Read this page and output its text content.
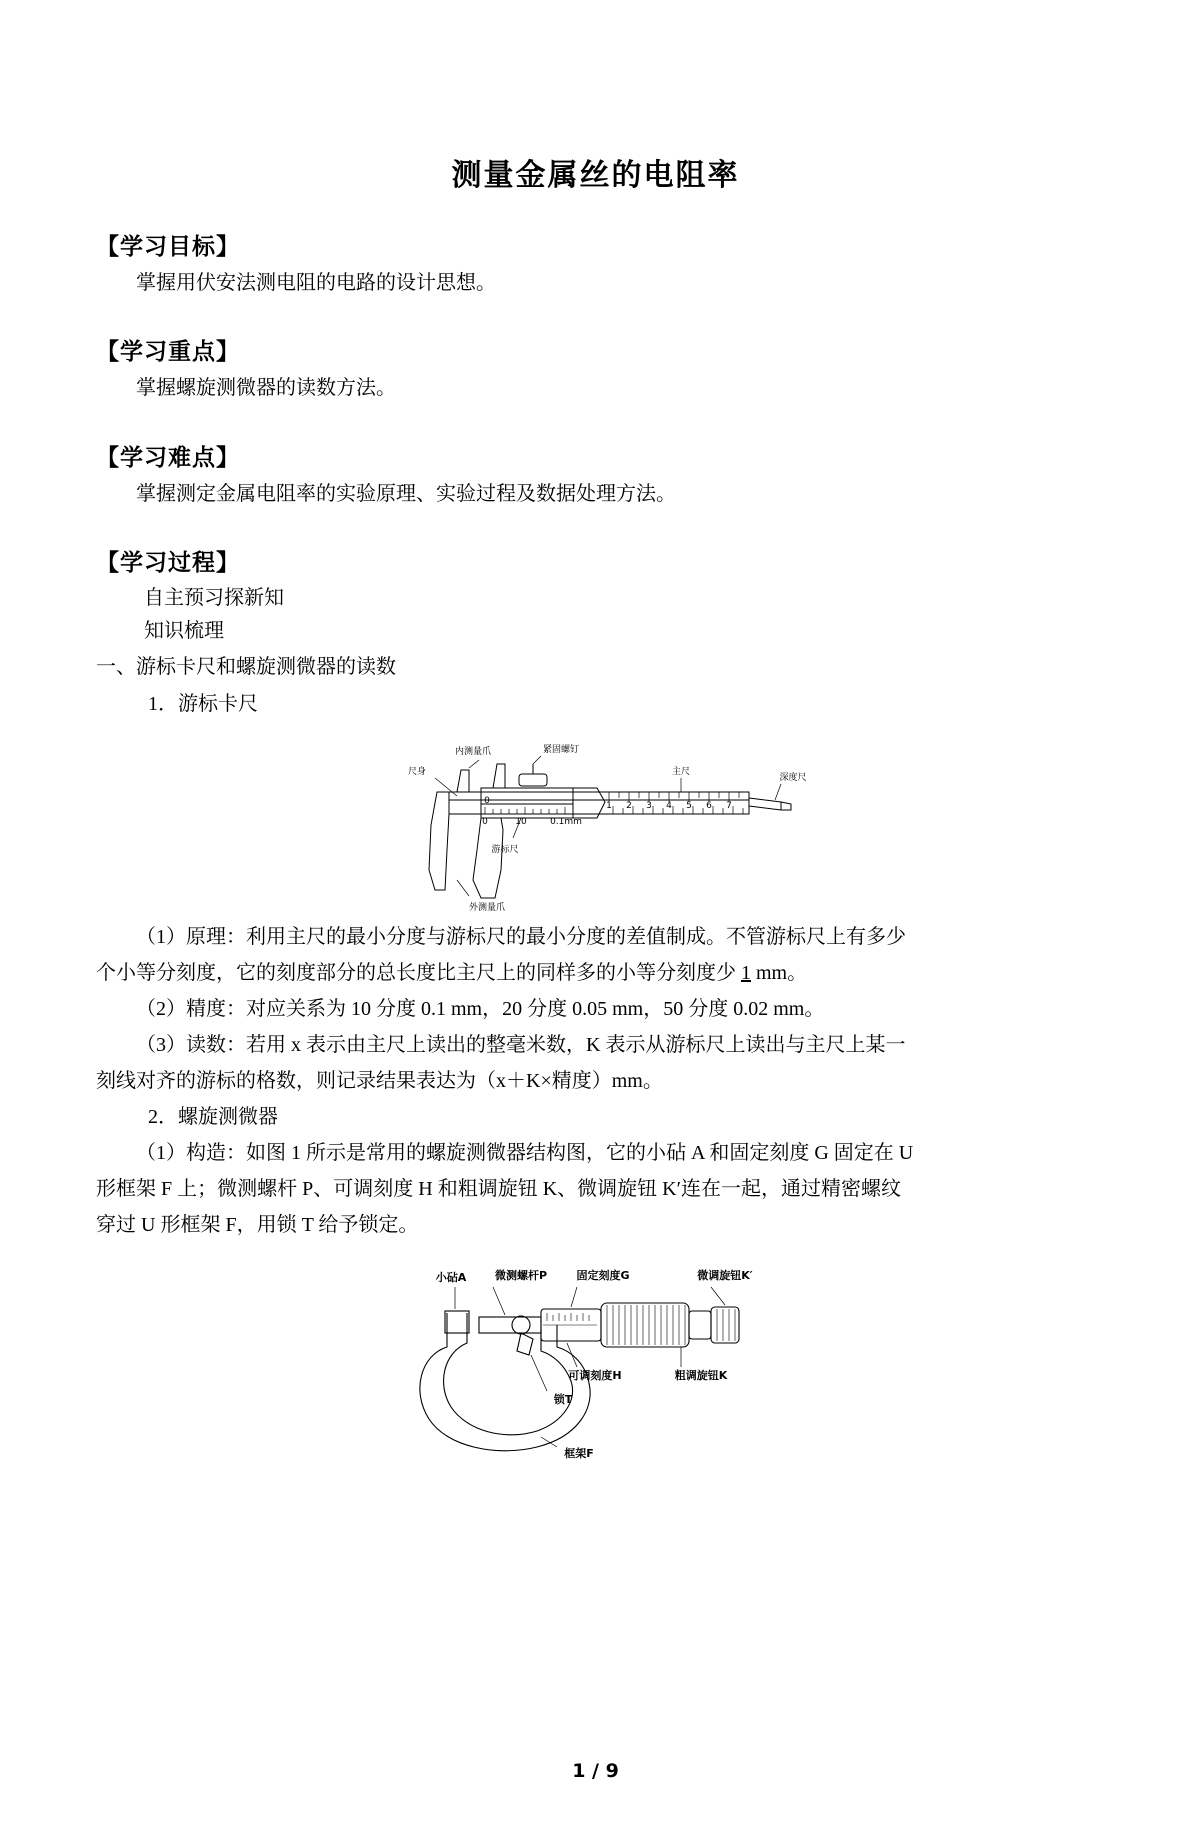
测量金属丝的电阻率
【学习目标】

掌握用伏安法测电阻的电路的设计思想。

【学习重点】

掌握螺旋测微器的读数方法。

【学习难点】

掌握测定金属电阻率的实验原理、实验过程及数据处理方法。

【学习过程】

自主预习探新知

知识梳理

一、游标卡尺和螺旋测微器的读数

1．游标卡尺

0	1 2 3 4 5 6 7
0	10	0.1mm
内测量爪	紧固螺钉
主尺
深度尺
尺身
游标尺
外测量爪

（1）原理：利用主尺的最小分度与游标尺的最小分度的差值制成。不管游标尺上有多少

个小等分刻度，它的刻度部分的总长度比主尺上的同样多的小等分刻度少 1 mm。

（2）精度：对应关系为 10 分度 0.1 mm，20 分度 0.05 mm，50 分度 0.02 mm。

（3）读数：若用 x 表示由主尺上读出的整毫米数，K 表示从游标尺上读出与主尺上某一

刻线对齐的游标的格数，则记录结果表达为（x＋K×精度）mm。

2．螺旋测微器

（1）构造：如图 1 所示是常用的螺旋测微器结构图，它的小砧 A 和固定刻度 G 固定在 U

形框架 F 上；微测螺杆 P、可调刻度 H 和粗调旋钮 K、微调旋钮 K′连在一起，通过精密螺纹

穿过 U 形框架 F，用锁 T 给予锁定。

小砧A	微测螺杆P	固定刻度G	微调旋钮K′
可调刻度H	粗调旋钮K
锁T
框架F
1 / 9
